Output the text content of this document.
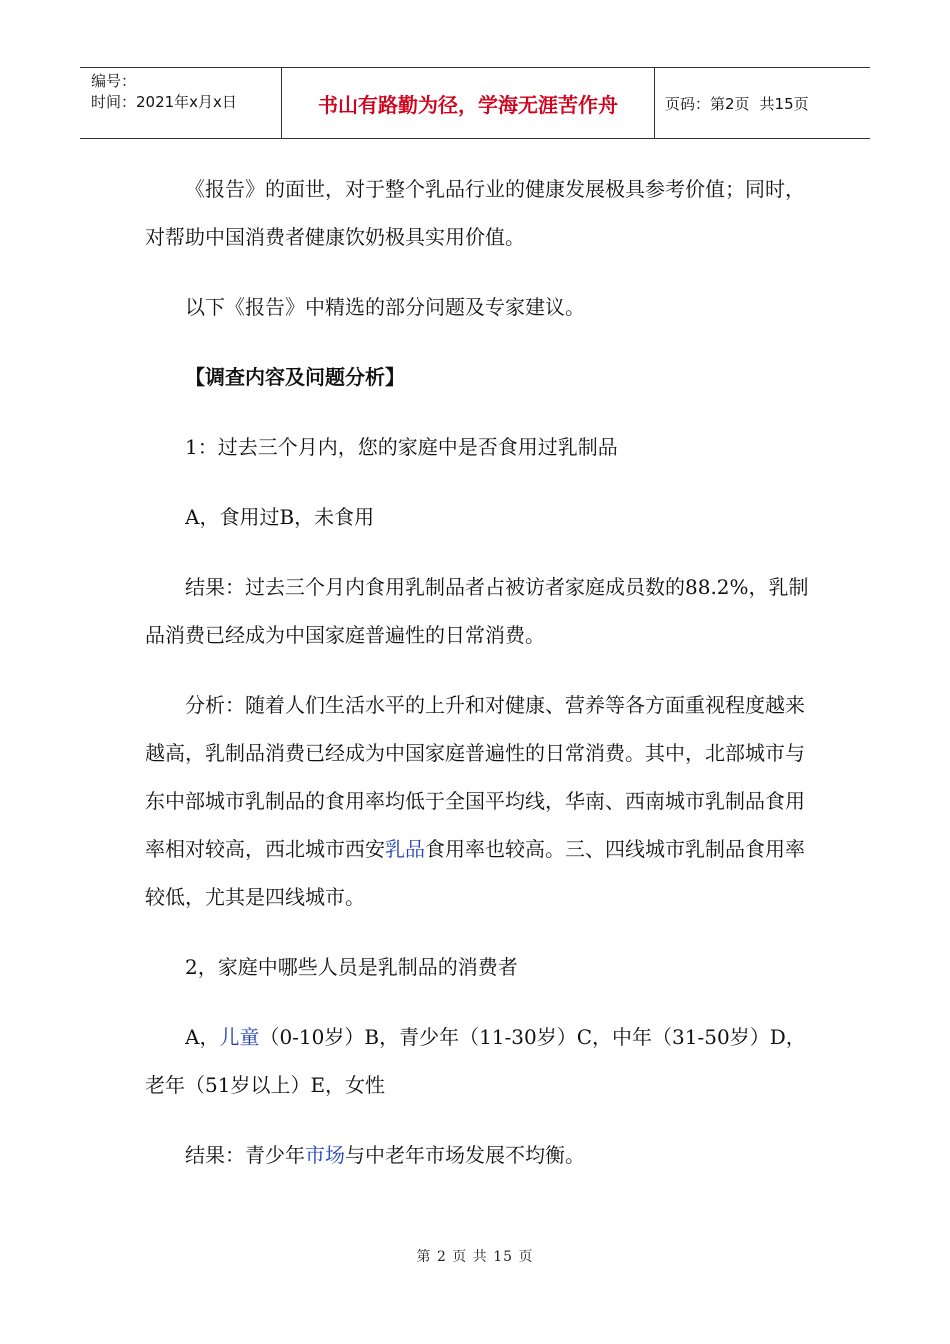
编号：
时间：2021年x月x日	书山有路勤为径，学海无涯苦作舟	页码：第2页 共15页

《报告》的面世，对于整个乳品行业的健康发展极具参考价值；同时，对帮助中国消费者健康饮奶极具实用价值。

以下《报告》中精选的部分问题及专家建议。

【调查内容及问题分析】

1：过去三个月内，您的家庭中是否食用过乳制品

A，食用过B，未食用

结果：过去三个月内食用乳制品者占被访者家庭成员数的88.2%，乳制品消费已经成为中国家庭普遍性的日常消费。

分析：随着人们生活水平的上升和对健康、营养等各方面重视程度越来越高，乳制品消费已经成为中国家庭普遍性的日常消费。其中，北部城市与东中部城市乳制品的食用率均低于全国平均线，华南、西南城市乳制品食用率相对较高，西北城市西安乳品食用率也较高。三、四线城市乳制品食用率较低，尤其是四线城市。

2，家庭中哪些人员是乳制品的消费者

A，儿童（0-10岁）B，青少年（11-30岁）C，中年（31-50岁）D，老年（51岁以上）E，女性

结果：青少年市场与中老年市场发展不均衡。

第 2 页 共 15 页
